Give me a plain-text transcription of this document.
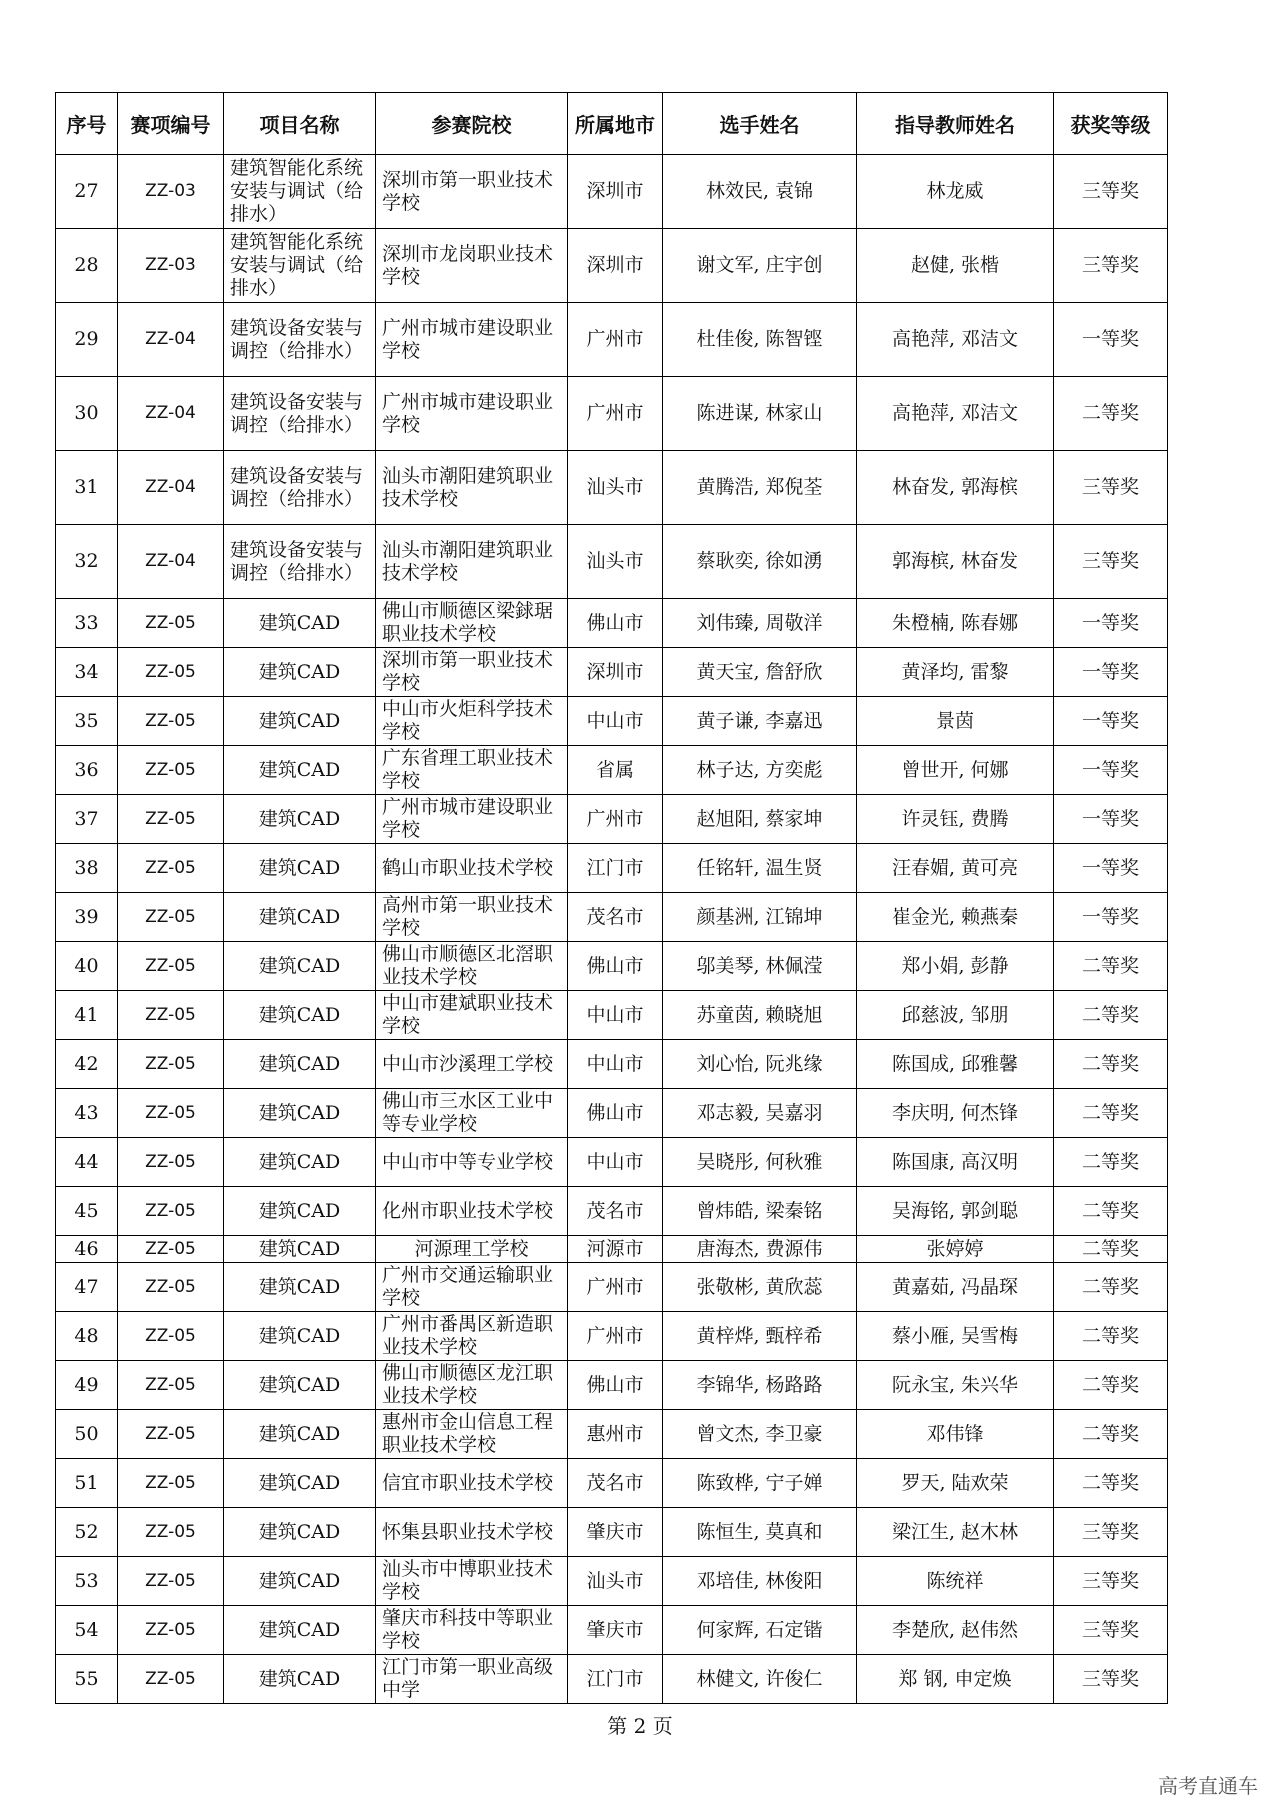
序号	赛项编号	项目名称	参赛院校	所属地市	选手姓名	指导教师姓名	获奖等级
27	ZZ-03	建筑智能化系统安装与调试（给排水）	深圳市第一职业技术学校	深圳市	林效民, 袁锦	林龙威	三等奖
28	ZZ-03	建筑智能化系统安装与调试（给排水）	深圳市龙岗职业技术学校	深圳市	谢文军, 庄宇创	赵健, 张楷	三等奖
29	ZZ-04	建筑设备安装与调控（给排水）	广州市城市建设职业学校	广州市	杜佳俊, 陈智铿	高艳萍, 邓洁文	一等奖
30	ZZ-04	建筑设备安装与调控（给排水）	广州市城市建设职业学校	广州市	陈进谋, 林家山	高艳萍, 邓洁文	二等奖
31	ZZ-04	建筑设备安装与调控（给排水）	汕头市潮阳建筑职业技术学校	汕头市	黄腾浩, 郑倪荃	林奋发, 郭海槟	三等奖
32	ZZ-04	建筑设备安装与调控（给排水）	汕头市潮阳建筑职业技术学校	汕头市	蔡耿奕, 徐如湧	郭海槟, 林奋发	三等奖
33	ZZ-05	建筑CAD	佛山市顺德区梁銶琚职业技术学校	佛山市	刘伟臻, 周敬洋	朱橙楠, 陈春娜	一等奖
34	ZZ-05	建筑CAD	深圳市第一职业技术学校	深圳市	黄天宝, 詹舒欣	黄泽均, 雷黎	一等奖
35	ZZ-05	建筑CAD	中山市火炬科学技术学校	中山市	黄子谦, 李嘉迅	景茵	一等奖
36	ZZ-05	建筑CAD	广东省理工职业技术学校	省属	林子达, 方奕彪	曾世开, 何娜	一等奖
37	ZZ-05	建筑CAD	广州市城市建设职业学校	广州市	赵旭阳, 蔡家坤	许灵钰, 费腾	一等奖
38	ZZ-05	建筑CAD	鹤山市职业技术学校	江门市	任铭轩, 温生贤	汪春媚, 黄可亮	一等奖
39	ZZ-05	建筑CAD	高州市第一职业技术学校	茂名市	颜基洲, 江锦坤	崔金光, 赖燕秦	一等奖
40	ZZ-05	建筑CAD	佛山市顺德区北滘职业技术学校	佛山市	邬美琴, 林佩滢	郑小娟, 彭静	二等奖
41	ZZ-05	建筑CAD	中山市建斌职业技术学校	中山市	苏童茵, 赖晓旭	邱慈波, 邹朋	二等奖
42	ZZ-05	建筑CAD	中山市沙溪理工学校	中山市	刘心怡, 阮兆缘	陈国成, 邱雅馨	二等奖
43	ZZ-05	建筑CAD	佛山市三水区工业中等专业学校	佛山市	邓志毅, 吴嘉羽	李庆明, 何杰锋	二等奖
44	ZZ-05	建筑CAD	中山市中等专业学校	中山市	吴晓彤, 何秋雅	陈国康, 高汉明	二等奖
45	ZZ-05	建筑CAD	化州市职业技术学校	茂名市	曾炜皓, 梁秦铭	吴海铭, 郭剑聪	二等奖
46	ZZ-05	建筑CAD	河源理工学校	河源市	唐海杰, 费源伟	张婷婷	二等奖
47	ZZ-05	建筑CAD	广州市交通运输职业学校	广州市	张敬彬, 黄欣蕊	黄嘉茹, 冯晶琛	二等奖
48	ZZ-05	建筑CAD	广州市番禺区新造职业技术学校	广州市	黄梓烨, 甄梓希	蔡小雁, 吴雪梅	二等奖
49	ZZ-05	建筑CAD	佛山市顺德区龙江职业技术学校	佛山市	李锦华, 杨路路	阮永宝, 朱兴华	二等奖
50	ZZ-05	建筑CAD	惠州市金山信息工程职业技术学校	惠州市	曾文杰, 李卫豪	邓伟锋	二等奖
51	ZZ-05	建筑CAD	信宜市职业技术学校	茂名市	陈致桦, 宁子婵	罗天, 陆欢荣	二等奖
52	ZZ-05	建筑CAD	怀集县职业技术学校	肇庆市	陈恒生, 莫真和	梁江生, 赵木林	三等奖
53	ZZ-05	建筑CAD	汕头市中博职业技术学校	汕头市	邓培佳, 林俊阳	陈统祥	三等奖
54	ZZ-05	建筑CAD	肇庆市科技中等职业学校	肇庆市	何家辉, 石定锴	李楚欣, 赵伟然	三等奖
55	ZZ-05	建筑CAD	江门市第一职业高级中学	江门市	林健文, 许俊仁	郑 钢, 申定焕	三等奖
第 2 页
高考直通车
